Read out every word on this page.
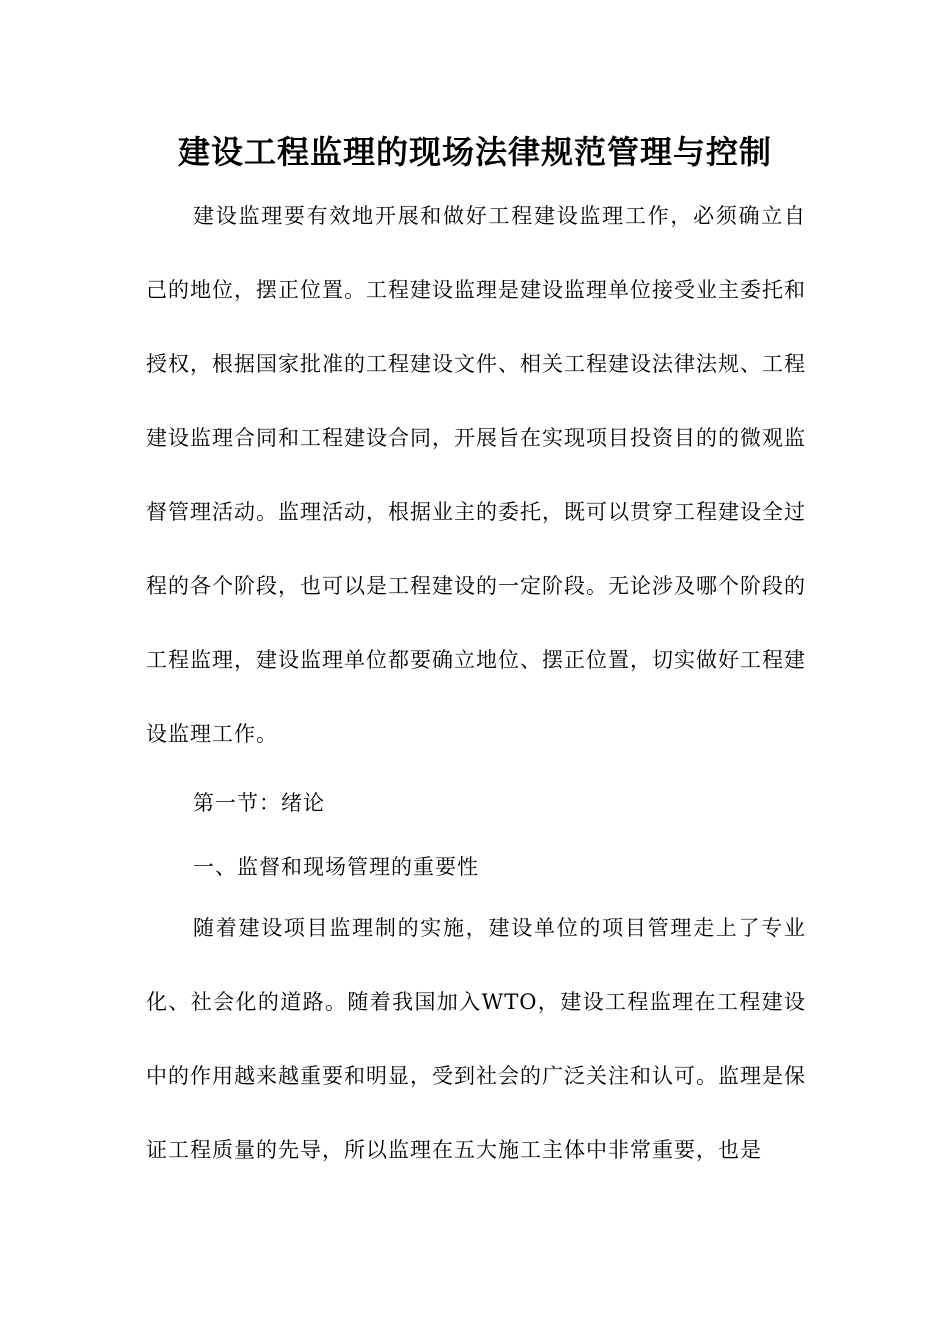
建设工程监理的现场法律规范管理与控制
建设监理要有效地开展和做好工程建设监理工作，必须确立自己的地位，摆正位置。工程建设监理是建设监理单位接受业主委托和授权，根据国家批准的工程建设文件、相关工程建设法律法规、工程建设监理合同和工程建设合同，开展旨在实现项目投资目的的微观监督管理活动。监理活动，根据业主的委托，既可以贯穿工程建设全过程的各个阶段，也可以是工程建设的一定阶段。无论涉及哪个阶段的工程监理，建设监理单位都要确立地位、摆正位置，切实做好工程建设监理工作。
第一节：绪论
一、监督和现场管理的重要性
随着建设项目监理制的实施，建设单位的项目管理走上了专业化、社会化的道路。随着我国加入WTO，建设工程监理在工程建设中的作用越来越重要和明显，受到社会的广泛关注和认可。监理是保证工程质量的先导，所以监理在五大施工主体中非常重要，也是
